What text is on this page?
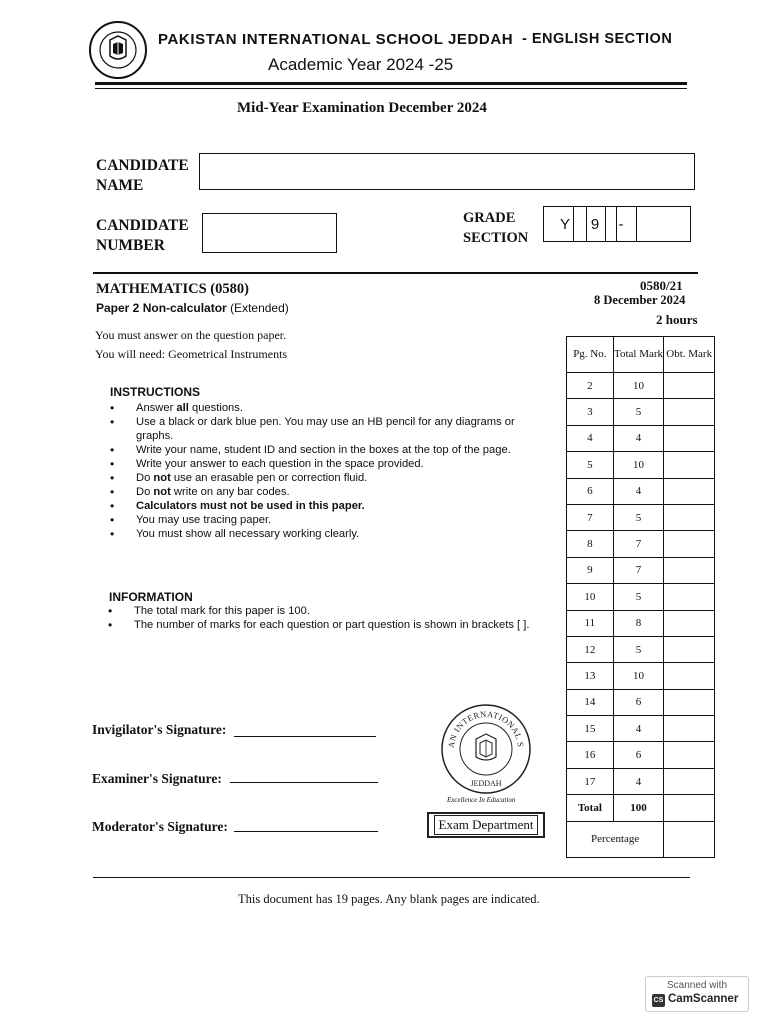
PAKISTAN INTERNATIONAL SCHOOL JEDDAH - ENGLISH SECTION
Academic Year 2024 -25
Mid-Year Examination December 2024
CANDIDATE
NAME
CANDIDATE
NUMBER
GRADE
SECTION
Y	9	-
MATHEMATICS (0580)
Paper 2 Non-calculator (Extended)
0580/21
8 December 2024
2 hours
You must answer on the question paper.
You will need: Geometrical Instruments
INSTRUCTIONS
• Answer all questions.
• Use a black or dark blue pen. You may use an HB pencil for any diagrams or graphs.
• Write your name, student ID and section in the boxes at the top of the page.
• Write your answer to each question in the space provided.
• Do not use an erasable pen or correction fluid.
• Do not write on any bar codes.
• Calculators must not be used in this paper.
• You may use tracing paper.
• You must show all necessary working clearly.
INFORMATION
• The total mark for this paper is 100.
• The number of marks for each question or part question is shown in brackets [ ].
Pg. No.	Total Mark	Obt. Mark
2	10	
3	5	
4	4	
5	10	
6	4	
7	5	
8	7	
9	7	
10	5	
11	8	
12	5	
13	10	
14	6	
15	4	
16	6	
17	4	
Total	100	
Percentage		
Invigilator's Signature:
Examiner's Signature:
Moderator's Signature:
AN INTERNATIONAL S
JEDDAH
Excellence In Education
Exam Department
This document has 19 pages. Any blank pages are indicated.
Scanned with
CS CamScanner
